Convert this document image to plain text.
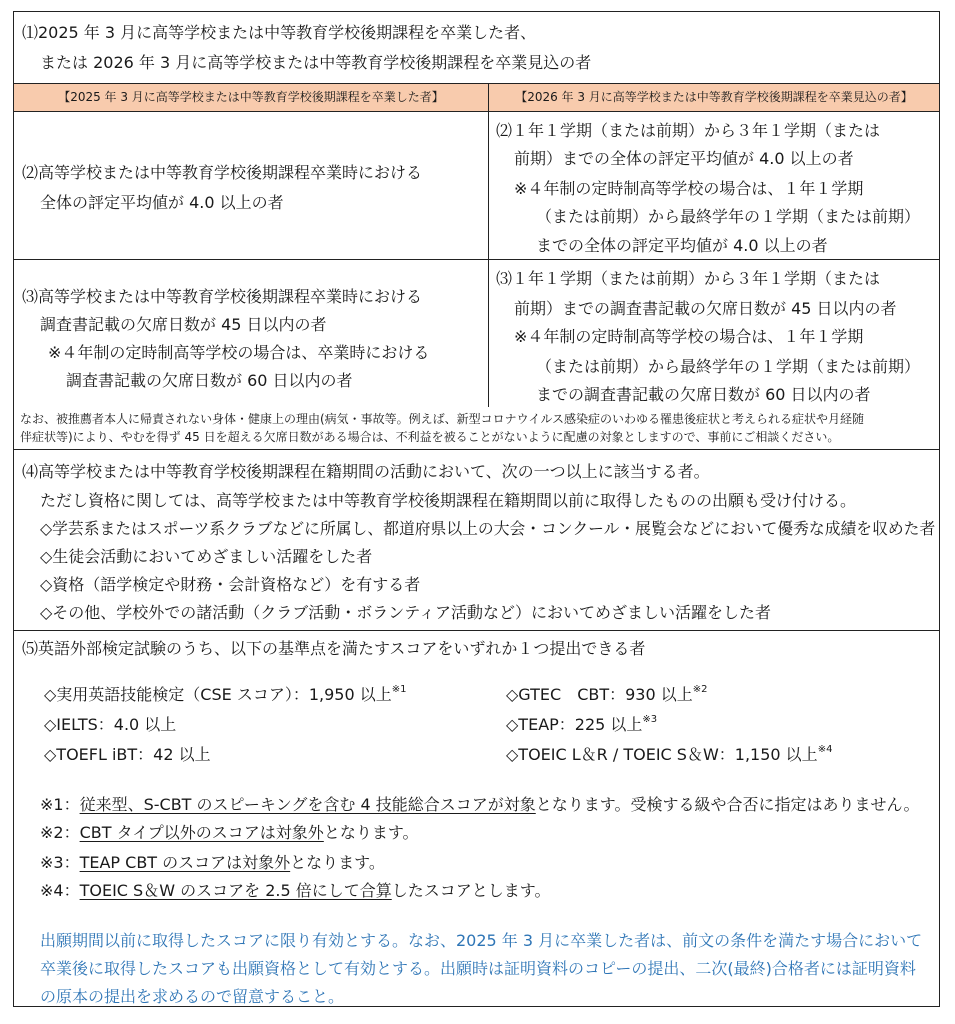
⑴2025 年 3 月に高等学校または中等教育学校後期課程を卒業した者、
または 2026 年 3 月に高等学校または中等教育学校後期課程を卒業見込の者
【2025 年 3 月に高等学校または中等教育学校後期課程を卒業した者】	【2026 年 3 月に高等学校または中等教育学校後期課程を卒業見込の者】
⑵高等学校または中等教育学校後期課程卒業時における
全体の評定平均値が 4.0 以上の者
⑵１年１学期（または前期）から３年１学期（または
前期）までの全体の評定平均値が 4.0 以上の者
※４年制の定時制高等学校の場合は、１年１学期
（または前期）から最終学年の１学期（または前期）
までの全体の評定平均値が 4.0 以上の者
⑶高等学校または中等教育学校後期課程卒業時における
調査書記載の欠席日数が 45 日以内の者
※４年制の定時制高等学校の場合は、卒業時における
調査書記載の欠席日数が 60 日以内の者
⑶１年１学期（または前期）から３年１学期（または
前期）までの調査書記載の欠席日数が 45 日以内の者
※４年制の定時制高等学校の場合は、１年１学期
（または前期）から最終学年の１学期（または前期）
までの調査書記載の欠席日数が 60 日以内の者
なお、被推薦者本人に帰責されない身体・健康上の理由(病気・事故等。例えば、新型コロナウイルス感染症のいわゆる罹患後症状と考えられる症状や月経随
伴症状等)により、やむを得ず 45 日を超える欠席日数がある場合は、不利益を被ることがないように配慮の対象としますので、事前にご相談ください。
⑷高等学校または中等教育学校後期課程在籍期間の活動において、次の一つ以上に該当する者。
ただし資格に関しては、高等学校または中等教育学校後期課程在籍期間以前に取得したものの出願も受け付ける。
◇学芸系またはスポーツ系クラブなどに所属し、都道府県以上の大会・コンクール・展覧会などにおいて優秀な成績を収めた者
◇生徒会活動においてめざましい活躍をした者
◇資格（語学検定や財務・会計資格など）を有する者
◇その他、学校外での諸活動（クラブ活動・ボランティア活動など）においてめざましい活躍をした者
⑸英語外部検定試験のうち、以下の基準点を満たすスコアをいずれか１つ提出できる者
◇実用英語技能検定（CSE スコア）：1,950 以上$^{※1}$
◇IELTS：4.0 以上
◇TOEFL iBT：42 以上
◇GTEC　CBT：930 以上$^{※2}$
◇TEAP：225 以上$^{※3}$
◇TOEIC L＆R / TOEIC S＆W：1,150 以上$^{※4}$
※1：従来型、S-CBT のスピーキングを含む 4 技能総合スコアが対象となります。受検する級や合否に指定はありません。
※2：CBT タイプ以外のスコアは対象外となります。
※3：TEAP CBT のスコアは対象外となります。
※4：TOEIC S＆W のスコアを 2.5 倍にして合算したスコアとします。
出願期間以前に取得したスコアに限り有効とする。なお、2025 年 3 月に卒業した者は、前文の条件を満たす場合において
卒業後に取得したスコアも出願資格として有効とする。出願時は証明資料のコピーの提出、二次(最終)合格者には証明資料
の原本の提出を求めるので留意すること。
